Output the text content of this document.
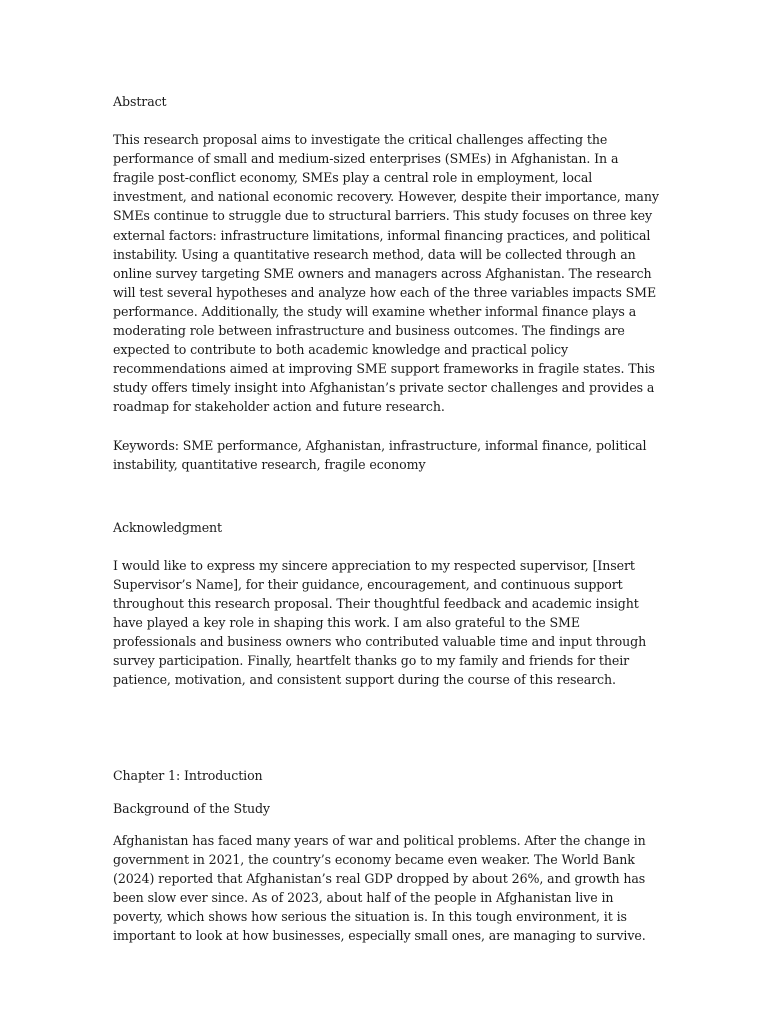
Abstract

This research proposal aims to investigate the critical challenges affecting the performance of small and medium-sized enterprises (SMEs) in Afghanistan. In a fragile post-conflict economy, SMEs play a central role in employment, local investment, and national economic recovery. However, despite their importance, many SMEs continue to struggle due to structural barriers. This study focuses on three key external factors: infrastructure limitations, informal financing practices, and political instability. Using a quantitative research method, data will be collected through an online survey targeting SME owners and managers across Afghanistan. The research will test several hypotheses and analyze how each of the three variables impacts SME performance. Additionally, the study will examine whether informal finance plays a moderating role between infrastructure and business outcomes. The findings are expected to contribute to both academic knowledge and practical policy recommendations aimed at improving SME support frameworks in fragile states. This study offers timely insight into Afghanistan’s private sector challenges and provides a roadmap for stakeholder action and future research.

Keywords: SME performance, Afghanistan, infrastructure, informal finance, political instability, quantitative research, fragile economy

Acknowledgment

I would like to express my sincere appreciation to my respected supervisor, [Insert Supervisor’s Name], for their guidance, encouragement, and continuous support throughout this research proposal. Their thoughtful feedback and academic insight have played a key role in shaping this work. I am also grateful to the SME professionals and business owners who contributed valuable time and input through survey participation. Finally, heartfelt thanks go to my family and friends for their patience, motivation, and consistent support during the course of this research.

Chapter 1: Introduction

Background of the Study

Afghanistan has faced many years of war and political problems. After the change in government in 2021, the country’s economy became even weaker. The World Bank (2024) reported that Afghanistan’s real GDP dropped by about 26%, and growth has been slow ever since. As of 2023, about half of the people in Afghanistan live in poverty, which shows how serious the situation is. In this tough environment, it is important to look at how businesses, especially small ones, are managing to survive.
